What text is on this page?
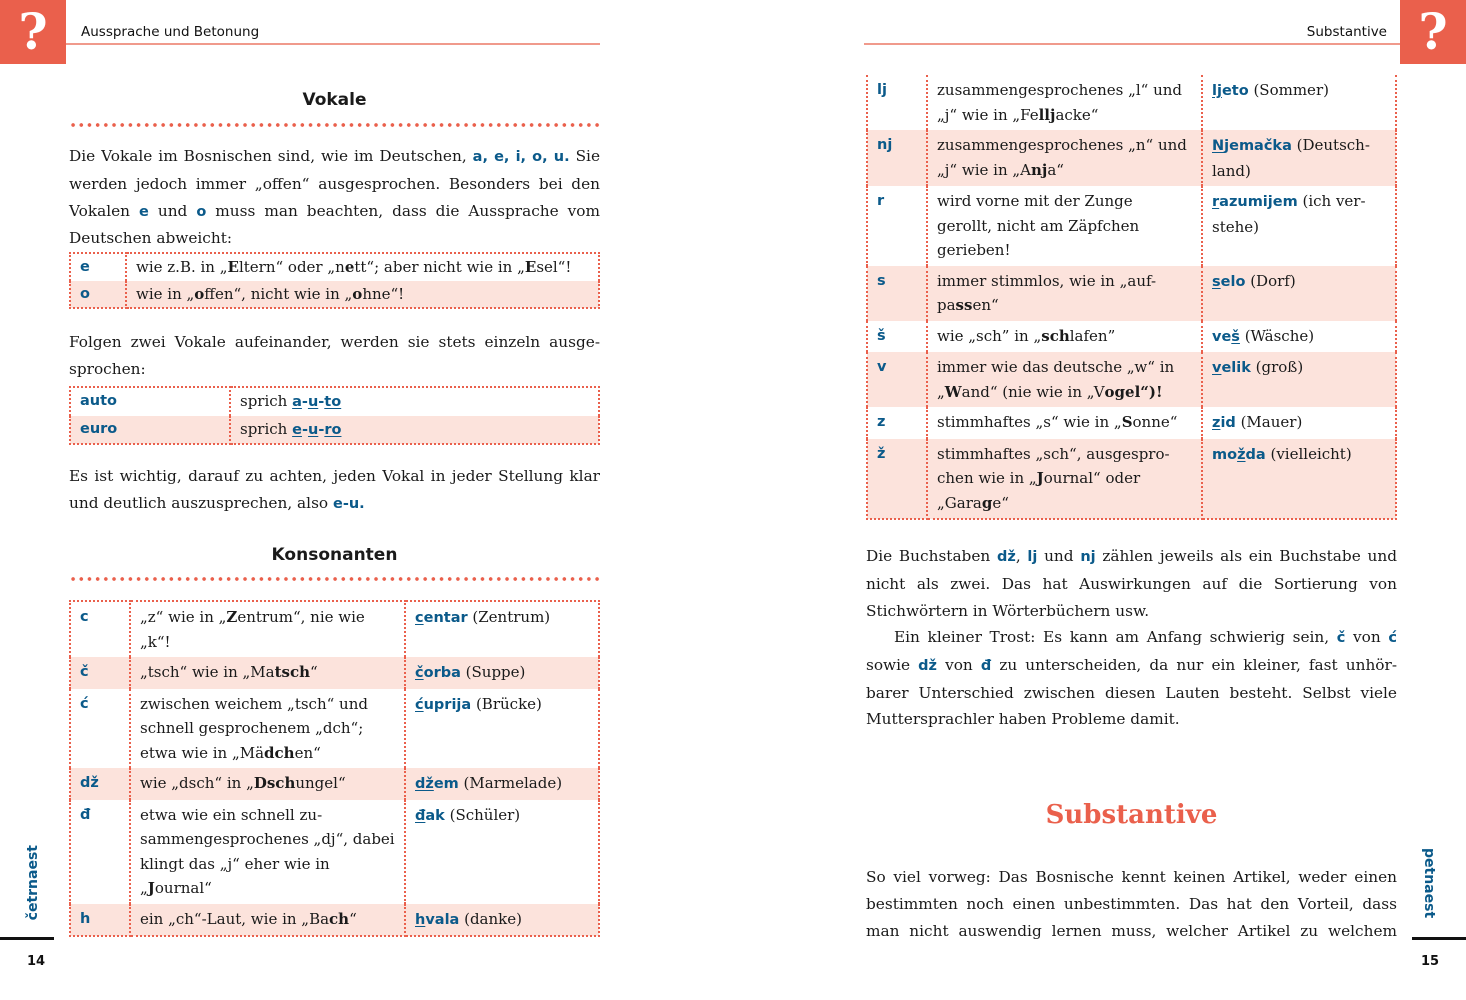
?	Aussprache und Betonung
Vokale
Die Vokale im Bosnischen sind, wie im Deutschen, a, e, i, o, u. Sie werden jedoch immer „offen“ ausgesprochen. Besonders bei den Vokalen e und o muss man beachten, dass die Aussprache vom Deutschen abweicht:
e	wie z.B. in „Eltern“ oder „nett“; aber nicht wie in „Esel“!
o	wie in „offen“, nicht wie in „ohne“!
Folgen zwei Vokale aufeinander, werden sie stets einzeln ausge-sprochen:
auto	sprich a-u-to
euro	sprich e-u-ro
Es ist wichtig, darauf zu achten, jeden Vokal in jeder Stellung klar und deutlich auszusprechen, also e-u.
Konsonanten
c	„z“ wie in „Zentrum“, nie wie „k“!	centar (Zentrum)
č	„tsch“ wie in „Matsch“	čorba (Suppe)
ć	zwischen weichem „tsch“ und schnell gesprochenem „dch“; etwa wie in „Mädchen“	ćuprija (Brücke)
dž	wie „dsch“ in „Dschungel“	džem (Marmelade)
đ	etwa wie ein schnell zu-sammengesprochenes „dj“, dabei klingt das „j“ eher wie in „Journal“	đak (Schüler)
h	ein „ch“-Laut, wie in „Bach“	hvala (danke)
četrnaest
14
?
Substantive
lj	zusammengesprochenes „l“ und „j“ wie in „Felljacke“	ljeto (Sommer)
nj	zusammengesprochenes „n“ und „j“ wie in „Anja“	Njemačka (Deutsch-land)
r	wird vorne mit der Zunge gerollt, nicht am Zäpfchen gerieben!	razumijem (ich ver-stehe)
s	immer stimmlos, wie in „auf-passen“	selo (Dorf)
š	wie „sch” in „schlafen”	veš (Wäsche)
v	immer wie das deutsche „w“ in „Wand“ (nie wie in „Vogel“)!	velik (groß)
z	stimmhaftes „s“ wie in „Sonne“	zid (Mauer)
ž	stimmhaftes „sch“, ausgespro-chen wie in „Journal“ oder „Garage“	možda (vielleicht)
Die Buchstaben dž, lj und nj zählen jeweils als ein Buchstabe und nicht als zwei. Das hat Auswirkungen auf die Sortierung von Stichwörtern in Wörterbüchern usw.
Ein kleiner Trost: Es kann am Anfang schwierig sein, č von ć sowie dž von đ zu unterscheiden, da nur ein kleiner, fast unhör-barer Unterschied zwischen diesen Lauten besteht. Selbst viele Muttersprachler haben Probleme damit.
Substantive
So viel vorweg: Das Bosnische kennt keinen Artikel, weder einen bestimmten noch einen unbestimmten. Das hat den Vorteil, dass man nicht auswendig lernen muss, welcher Artikel zu welchem
petnaest
15
